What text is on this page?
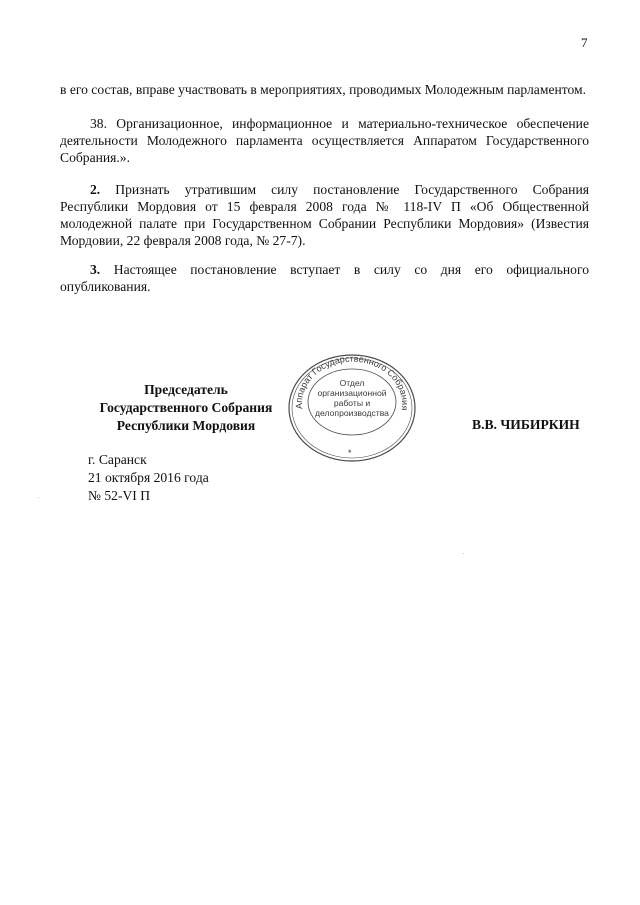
7

в его состав, вправе участвовать в мероприятиях, проводимых Молодежным парламентом.

38. Организационное, информационное и материально-техническое обеспечение деятельности Молодежного парламента осуществляется Аппаратом Государственного Собрания.».

2. Признать утратившим силу постановление Государственного Собрания Республики Мордовия от 15 февраля 2008 года № 118-IV П «Об Общественной молодежной палате при Государственном Собрании Республики Мордовия» (Известия Мордовии, 22 февраля 2008 года, № 27-7).

3. Настоящее постановление вступает в силу со дня его официального опубликования.

Председатель
Государственного Собрания
Республики Мордовия
Аппарат Государственного Собрания
*
Отдел
организационной
работы и
делопроизводства
В.В. ЧИБИРКИН
г. Саранск
21 октября 2016 года
№ 52-VI П
